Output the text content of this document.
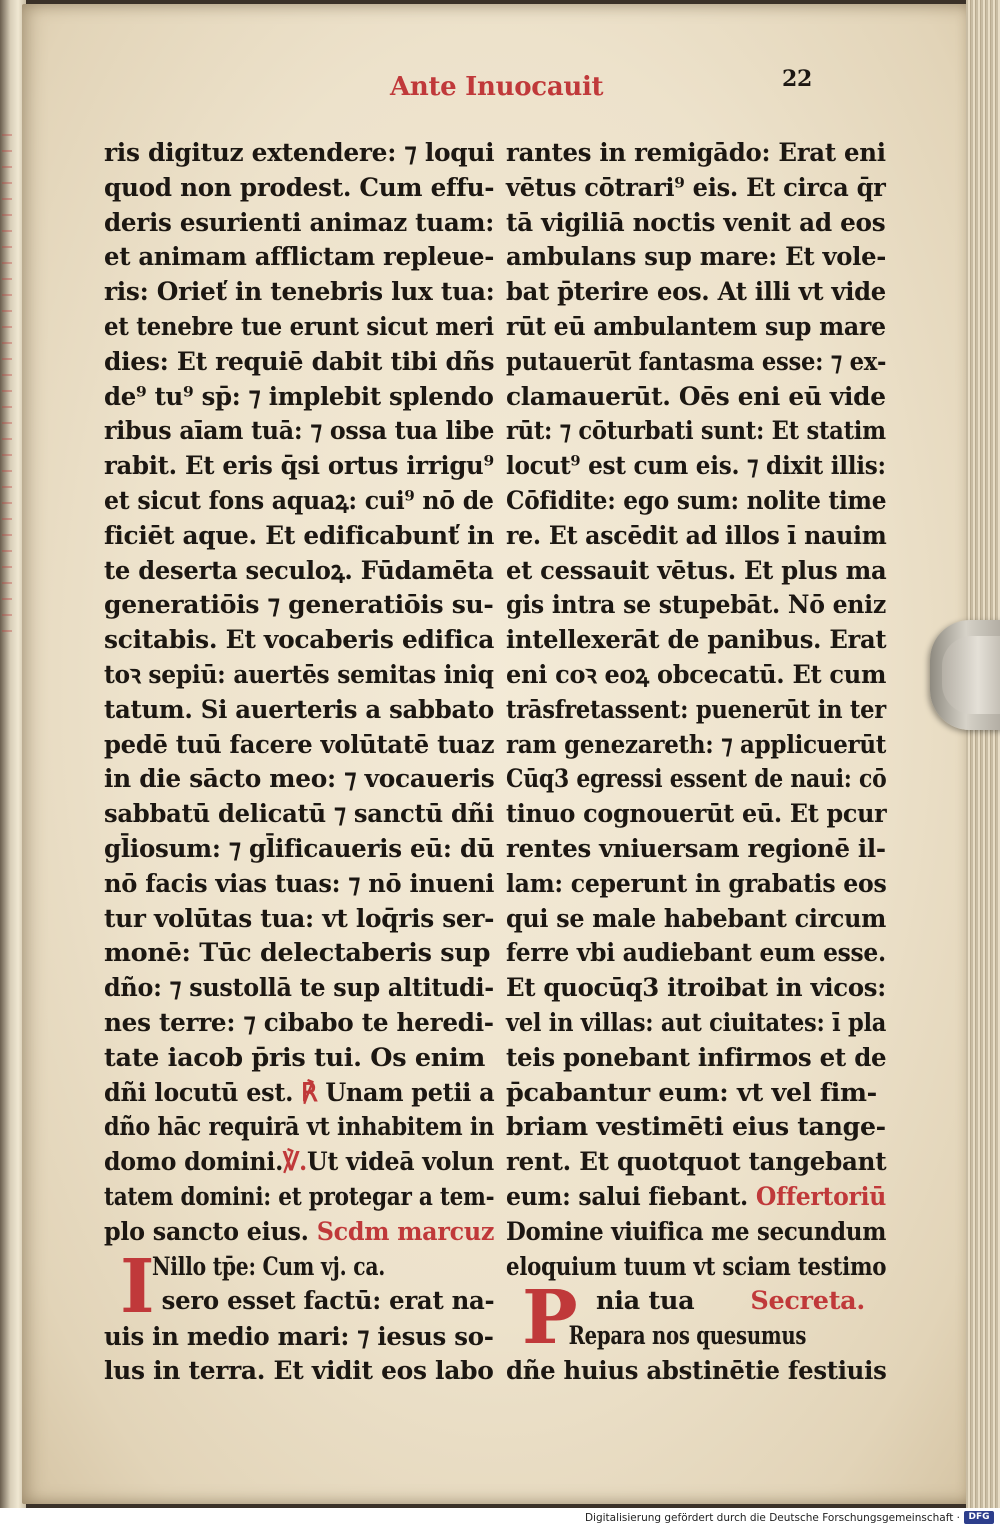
Ante Inuocauit	22
ris digituz extendere: ⁊ loqui
quod non prodest. Cum effu‑
deris esurienti animaz tuam:
et animam afflictam repleue‑
ris: Orieť in tenebris lux tua:
et tenebre tue erunt sicut meri
dies: Et requiē dabit tibi dñs
de⁹ tu⁹ sp̄: ⁊ implebit splendo
ribus aīam tuā: ⁊ ossa tua libe
rabit. Et eris q̄si ortus irrigu⁹
et sicut fons aquaꝝ: cui⁹ nō de
ficiēt aque. Et edificabunť in
te deserta seculoꝝ. Fūdamēta
generatiōis ⁊ generatiōis su‑
scitabis. Et vocaberis edifica
toꝛ sepiū: auertēs semitas iniq
tatum. Si auerteris a sabbato
pedē tuū facere volūtatē tuaz
in die sācto meo: ⁊ vocaueris
sabbatū delicatū ⁊ sanctū dñi
gl̄iosum: ⁊ gl̄ificaueris eū: dū
nō facis vias tuas: ⁊ nō inueni
tur volūtas tua: vt loq̄ris ser‑
monē: Tūc delectaberis sup
dño: ⁊ sustollā te sup altitudi‑
nes terre: ⁊ cibabo te heredi‑
tate iacob p̄ris tui. Os enim
dñi locutū est. ℟ Unam petii a
dño hāc requirā vt inhabitem in
domo domini.℣.Ut videā volun
tatem domini: et protegar a tem‑
plo sancto eius. Scdm marcuz
I
Nillo tp̄e: Cum vj. ca.
sero esset factū: erat na‑
uis in medio mari: ⁊ iesus so‑
lus in terra. Et vidit eos labo
rantes in remigādo: Erat eni
vētus cōtrari⁹ eis. Et circa q̄r
tā vigiliā noctis venit ad eos
ambulans sup mare: Et vole‑
bat p̄terire eos. At illi vt vide
rūt eū ambulantem sup mare
putauerūt fantasma esse: ⁊ ex‑
clamauerūt. Oēs eni eū vide
rūt: ⁊ cōturbati sunt: Et statim
locut⁹ est cum eis. ⁊ dixit illis:
Cōfidite: ego sum: nolite time
re. Et ascēdit ad illos ī nauim
et cessauit vētus. Et plus ma
gis intra se stupebāt. Nō eniz
intellexerāt de panibus. Erat
eni coꝛ eoꝝ obcecatū. Et cum
trāsfretassent: puenerūt in ter
ram genezareth: ⁊ applicuerūt
Cūq3 egressi essent de naui: cō
tinuo cognouerūt eū. Et pcur
rentes vniuersam regionē il‑
lam: ceperunt in grabatis eos
qui se male habebant circum
ferre vbi audiebant eum esse.
Et quocūq3 itroibat in vicos:
vel in villas: aut ciuitates: ī pla
teis ponebant infirmos et de
p̄cabantur eum: vt vel fim‑
briam vestimēti eius tange‑
rent. Et quotquot tangebant
eum: salui fiebant. Offertoriū
Domine viuifica me secundum
eloquium tuum vt sciam testimo
nia tua Secreta.
P
Repara nos quesumus
dñe huius abstinētie festiuis
Digitalisierung gefördert durch die Deutsche Forschungsgemeinschaft · DFG
